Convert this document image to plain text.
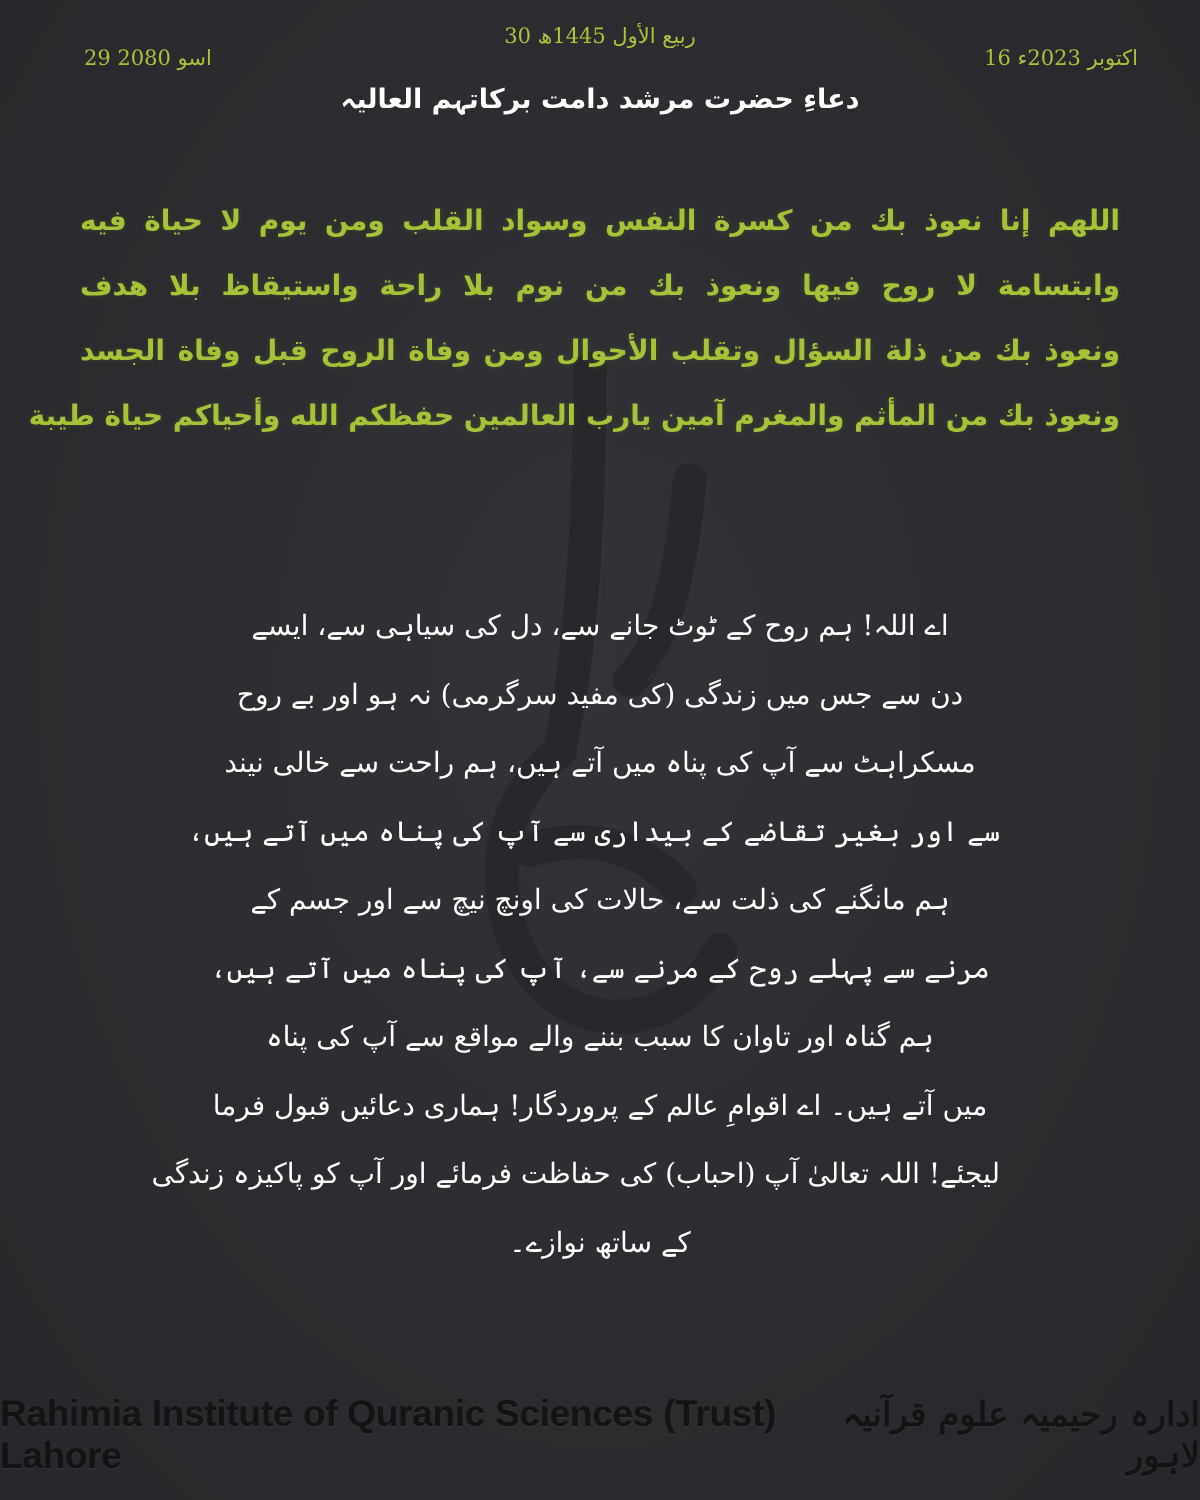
29 اسو 2080
30 ربیع الأول 1445ھ
16 اکتوبر 2023ء
دعاءِ حضرت مرشد دامت برکاتہم العالیہ
اللهم إنا نعوذ بك من كسرة النفس وسواد القلب ومن يوم لا حياة فيه
وابتسامة لا روح فيها ونعوذ بك من نوم بلا راحة واستيقاظ بلا هدف
ونعوذ بك من ذلة السؤال وتقلب الأحوال ومن وفاة الروح قبل وفاة الجسد
ونعوذ بك من المأثم والمغرم آمين يارب العالمين حفظكم الله وأحياكم حياة طيبة
اے اللہ! ہم روح کے ٹوٹ جانے سے، دل کی سیاہی سے، ایسے
دن سے جس میں زندگی (کی مفید سرگرمی) نہ ہو اور بے روح
مسکراہٹ سے آپ کی پناہ میں آتے ہیں، ہم راحت سے خالی نیند
سے اور بغیر تقاضے کے بیداری سے آپ کی پناہ میں آتے ہیں،
ہم مانگنے کی ذلت سے، حالات کی اونچ نیچ سے اور جسم کے
مرنے سے پہلے روح کے مرنے سے، آپ کی پناہ میں آتے ہیں،
ہم گناہ اور تاوان کا سبب بننے والے مواقع سے آپ کی پناہ
میں آتے ہیں۔ اے اقوامِ عالم کے پروردگار! ہماری دعائیں قبول فرما
لیجئے! اللہ تعالیٰ آپ (احباب) کی حفاظت فرمائے اور آپ کو پاکیزہ زندگی
کے ساتھ نوازے۔
Rahimia Institute of Quranic Sciences (Trust) Lahore
ادارہ رحیمیہ علوم قرآنیہ لاہور
